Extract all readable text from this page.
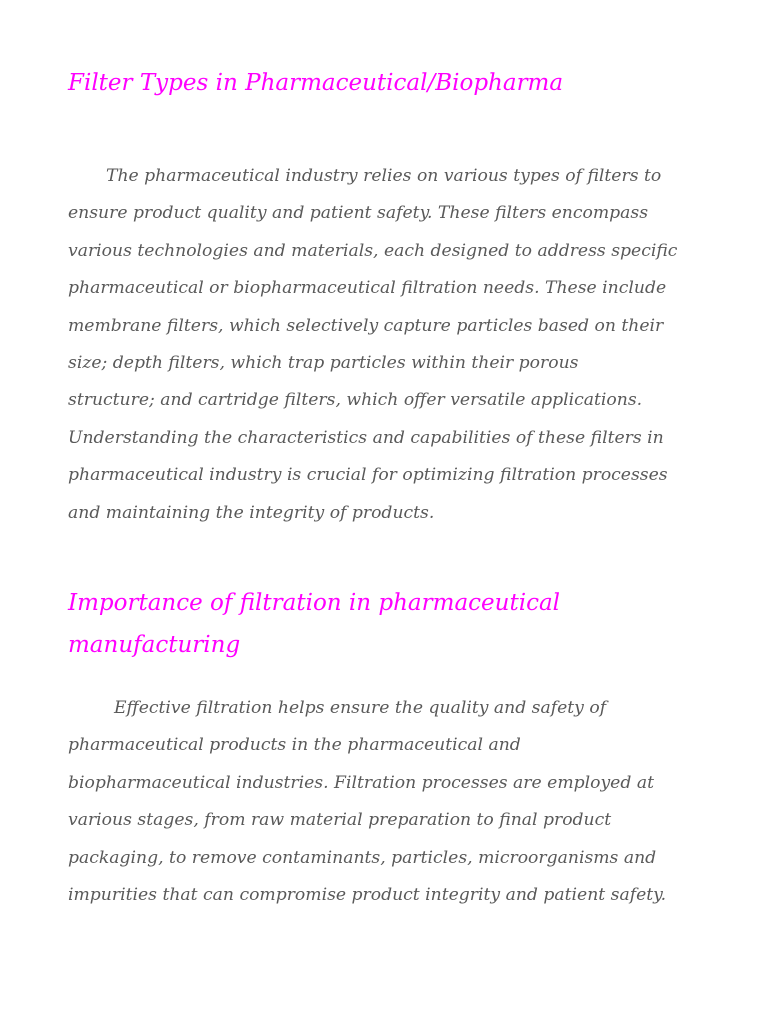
Filter Types in Pharmaceutical/Biopharma

The pharmaceutical industry relies on various types of filters to
ensure product quality and patient safety. These filters encompass
various technologies and materials, each designed to address specific
pharmaceutical or biopharmaceutical filtration needs. These include
membrane filters, which selectively capture particles based on their
size; depth filters, which trap particles within their porous
structure; and cartridge filters, which offer versatile applications.
Understanding the characteristics and capabilities of these filters in
pharmaceutical industry is crucial for optimizing filtration processes
and maintaining the integrity of products.

Importance of filtration in pharmaceutical
manufacturing

Effective filtration helps ensure the quality and safety of
pharmaceutical products in the pharmaceutical and
biopharmaceutical industries. Filtration processes are employed at
various stages, from raw material preparation to final product
packaging, to remove contaminants, particles, microorganisms and
impurities that can compromise product integrity and patient safety.
